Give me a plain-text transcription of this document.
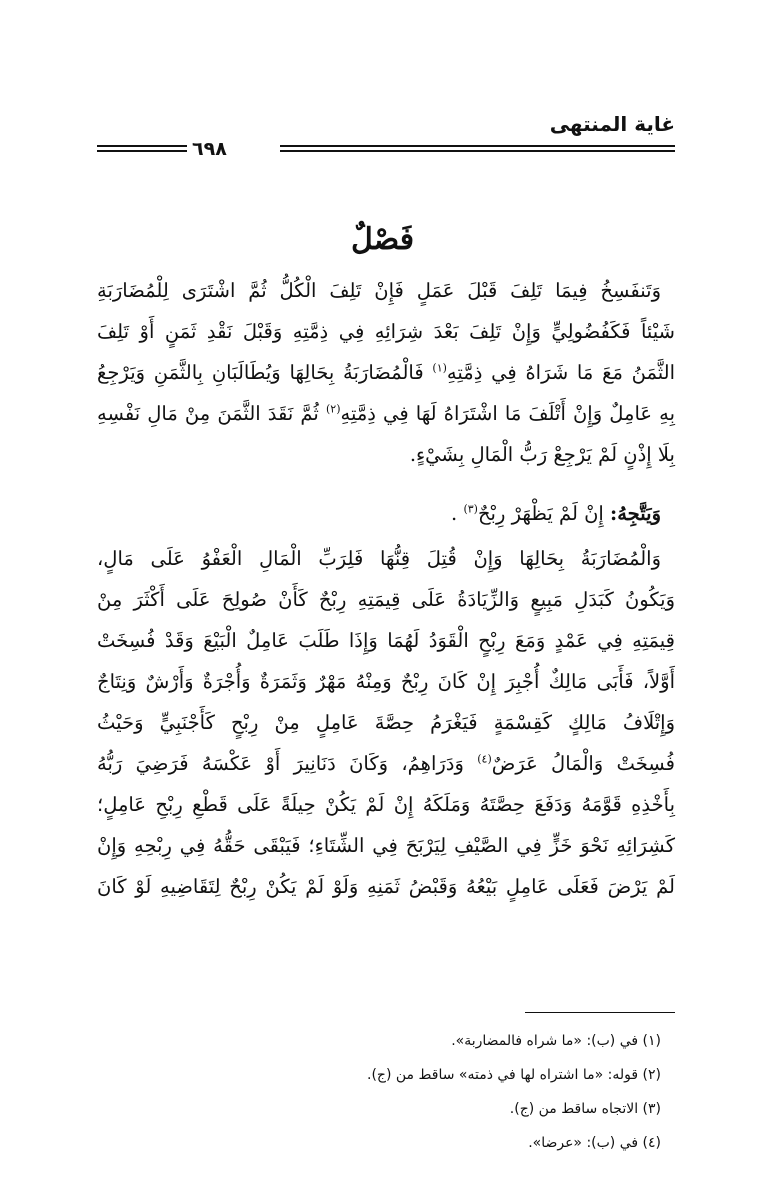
غاية المنتهى
٦٩٨
فَصْلٌ
وَتَنفَسِخُ فِيمَا تَلِفَ قَبْلَ عَمَلٍ فَإِنْ تَلِفَ الْكُلُّ ثُمَّ اشْتَرَى لِلْمُضَارَبَةِ
شَيْئاً فَكَفُضُولِيٍّ وَإِنْ تَلِفَ بَعْدَ شِرَائِهِ فِي ذِمَّتِهِ وَقَبْلَ نَقْدِ ثَمَنٍ أَوْ تَلِفَ
الثَّمَنُ مَعَ مَا شَرَاهُ فِي ذِمَّتِهِ$^{(١)}$ فَالْمُضَارَبَةُ بِحَالِهَا وَيُطَالَبَانِ بِالثَّمَنِ وَيَرْجِعُ
بِهِ عَامِلٌ وَإِنْ أَتْلَفَ مَا اشْتَرَاهُ لَهَا فِي ذِمَّتِهِ$^{(٢)}$ ثُمَّ نَقَدَ الثَّمَنَ مِنْ مَالِ نَفْسِهِ
بِلَا إِذْنٍ لَمْ يَرْجِعْ رَبُّ الْمَالِ بِشَيْءٍ.
وَيَتَّجِهُ: إِنْ لَمْ يَظْهَرْ رِبْحٌ$^{(٣)}$ .
وَالْمُضَارَبَةُ بِحَالِهَا وَإِنْ قُتِلَ قِنُّهَا فَلِرَبِّ الْمَالِ الْعَفْوُ عَلَى مَالٍ،
وَيَكُونُ كَبَدَلِ مَبِيعٍ وَالزِّيَادَةُ عَلَى قِيمَتِهِ رِبْحٌ كَأَنْ صُولِحَ عَلَى أَكْثَرَ مِنْ
قِيمَتِهِ فِي عَمْدٍ وَمَعَ رِبْحٍ الْقَوَدُ لَهُمَا وَإِذَا طَلَبَ عَامِلٌ الْبَيْعَ وَقَدْ فُسِخَتْ
أَوَّلاً، فَأَبَى مَالِكٌ أُجْبِرَ إِنْ كَانَ رِبْحٌ وَمِنْهُ مَهْرٌ وَثَمَرَةٌ وَأُجْرَةٌ وَأَرْشٌ وَنِتَاجٌ
وَإِتْلَافُ مَالِكٍ كَقِسْمَةٍ فَيَغْرَمُ حِصَّةَ عَامِلٍ مِنْ رِبْحٍ كَأَجْنَبِيٍّ وَحَيْثُ
فُسِخَتْ وَالْمَالُ عَرَضٌ$^{(٤)}$ وَدَرَاهِمُ، وَكَانَ دَنَانِيرَ أَوْ عَكْسَهُ فَرَضِيَ رَبُّهُ
بِأَخْذِهِ قَوَّمَهُ وَدَفَعَ حِصَّتَهُ وَمَلَكَهُ إِنْ لَمْ يَكُنْ حِيلَةً عَلَى قَطْعِ رِبْحِ عَامِلٍ؛
كَشِرَائِهِ نَحْوَ خَزٍّ فِي الصَّيْفِ لِيَرْبَحَ فِي الشِّتَاءِ؛ فَيَبْقَى حَقُّهُ فِي رِبْحِهِ وَإِنْ
لَمْ يَرْضَ فَعَلَى عَامِلٍ بَيْعُهُ وَقَبْضُ ثَمَنِهِ وَلَوْ لَمْ يَكُنْ رِبْحٌ لِتَقَاضِيهِ لَوْ كَانَ
(١) في (ب): «ما شراه فالمضاربة».
(٢) قوله: «ما اشتراه لها في ذمته» ساقط من (ج).
(٣) الاتجاه ساقط من (ج).
(٤) في (ب): «عرضا».
